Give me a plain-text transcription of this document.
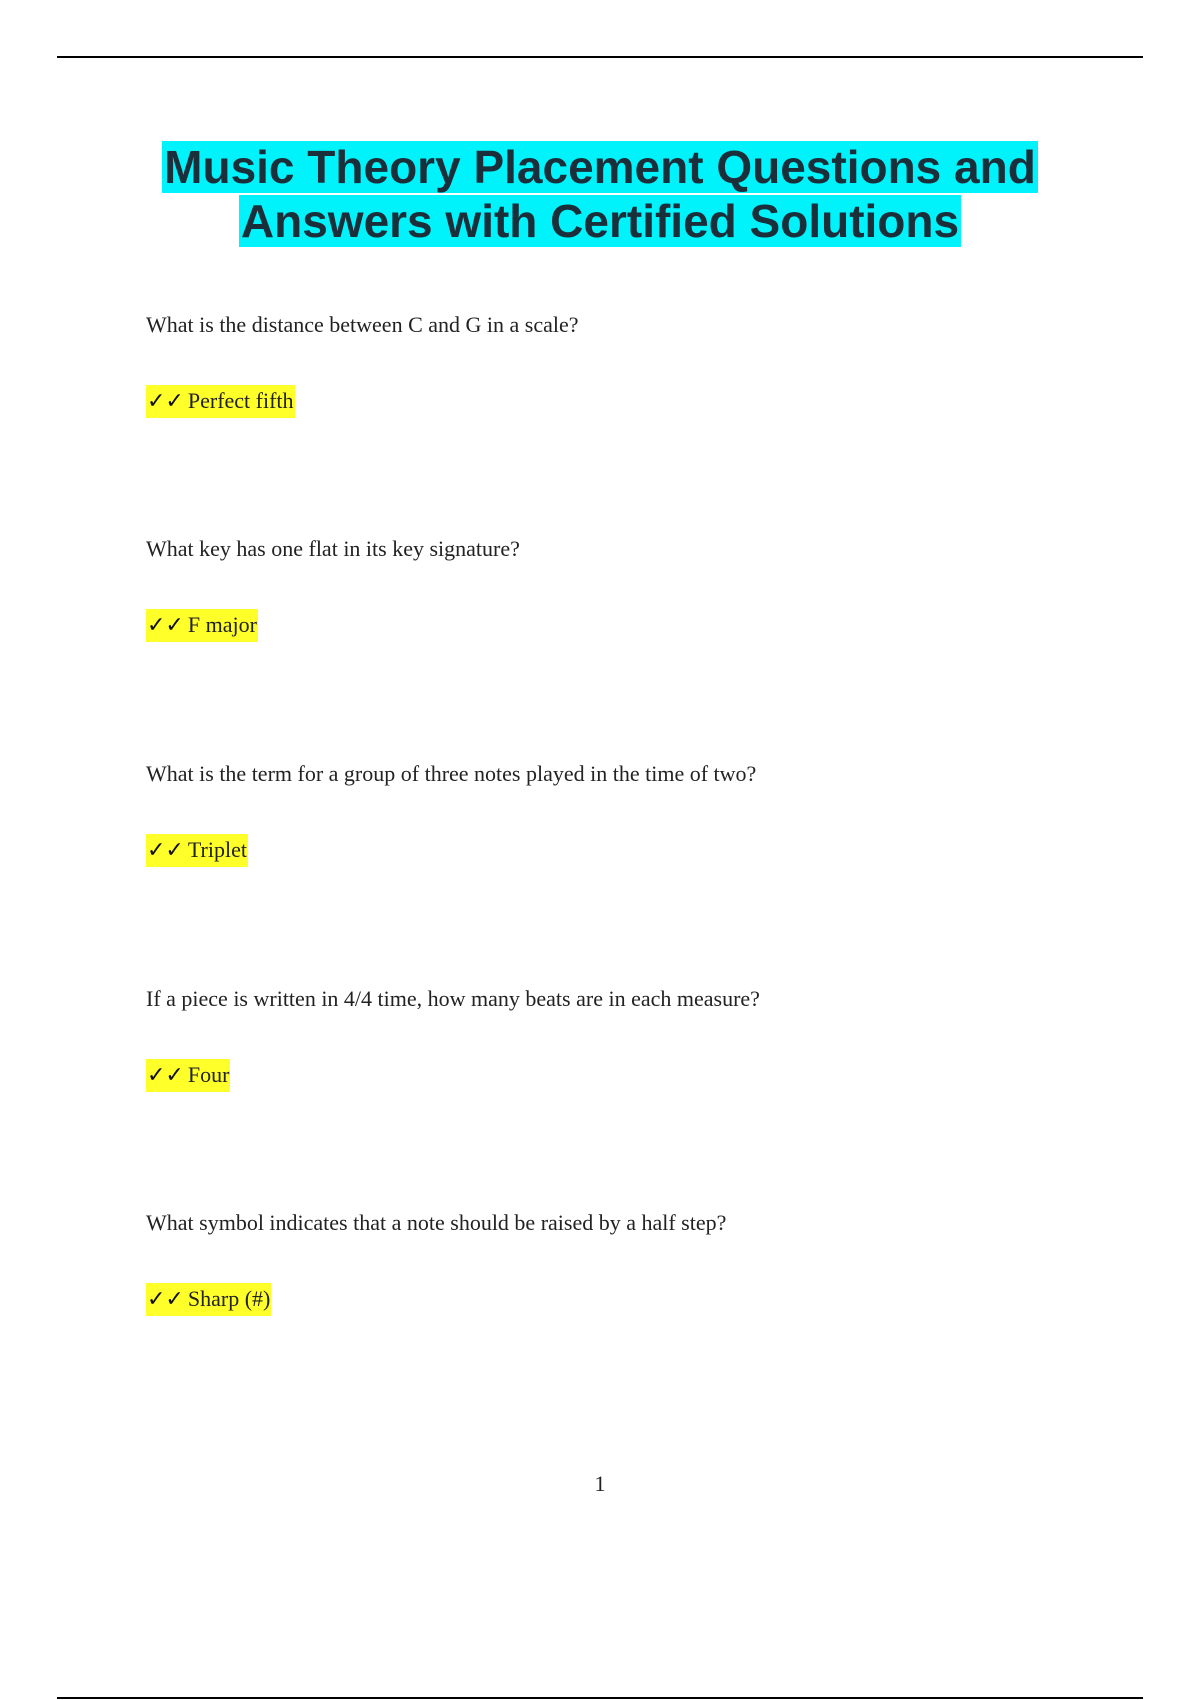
Music Theory Placement Questions and
Answers with Certified Solutions

What is the distance between C and G in a scale?

✓✓ Perfect fifth

What key has one flat in its key signature?

✓✓ F major

What is the term for a group of three notes played in the time of two?

✓✓ Triplet

If a piece is written in 4/4 time, how many beats are in each measure?

✓✓ Four

What symbol indicates that a note should be raised by a half step?

✓✓ Sharp (#)

1
